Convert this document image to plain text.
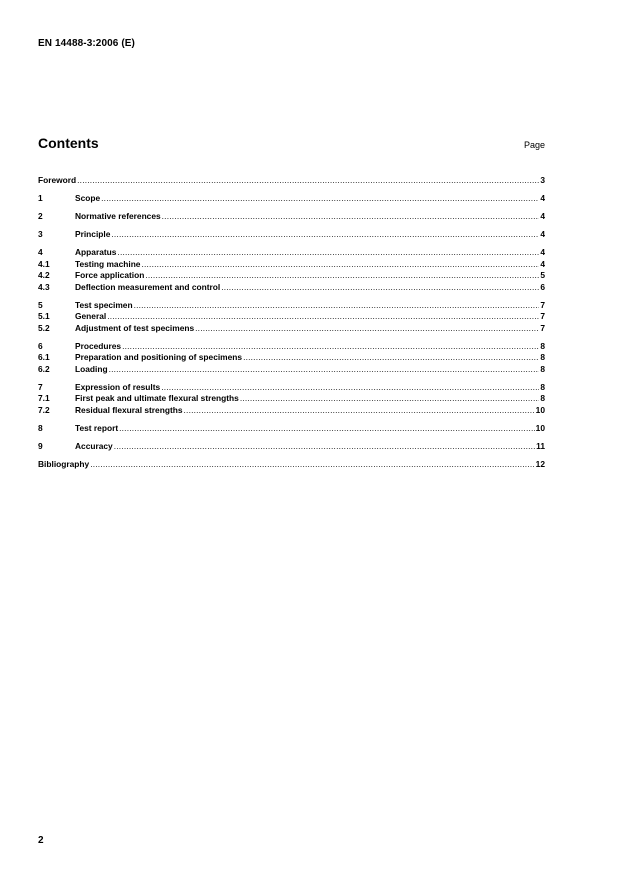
EN 14488-3:2006 (E)
Contents	Page
Foreword .....	3
1	Scope .....	4
2	Normative references .....	4
3	Principle .....	4
4	Apparatus .....	4
4.1	Testing machine .....	4
4.2	Force application .....	5
4.3	Deflection measurement and control .....	6
5	Test specimen .....	7
5.1	General .....	7
5.2	Adjustment of test specimens .....	7
6	Procedures .....	8
6.1	Preparation and positioning of specimens .....	8
6.2	Loading .....	8
7	Expression of results .....	8
7.1	First peak and ultimate flexural strengths .....	8
7.2	Residual flexural strengths .....	10
8	Test report .....	10
9	Accuracy .....	11
Bibliography .....	12
2
